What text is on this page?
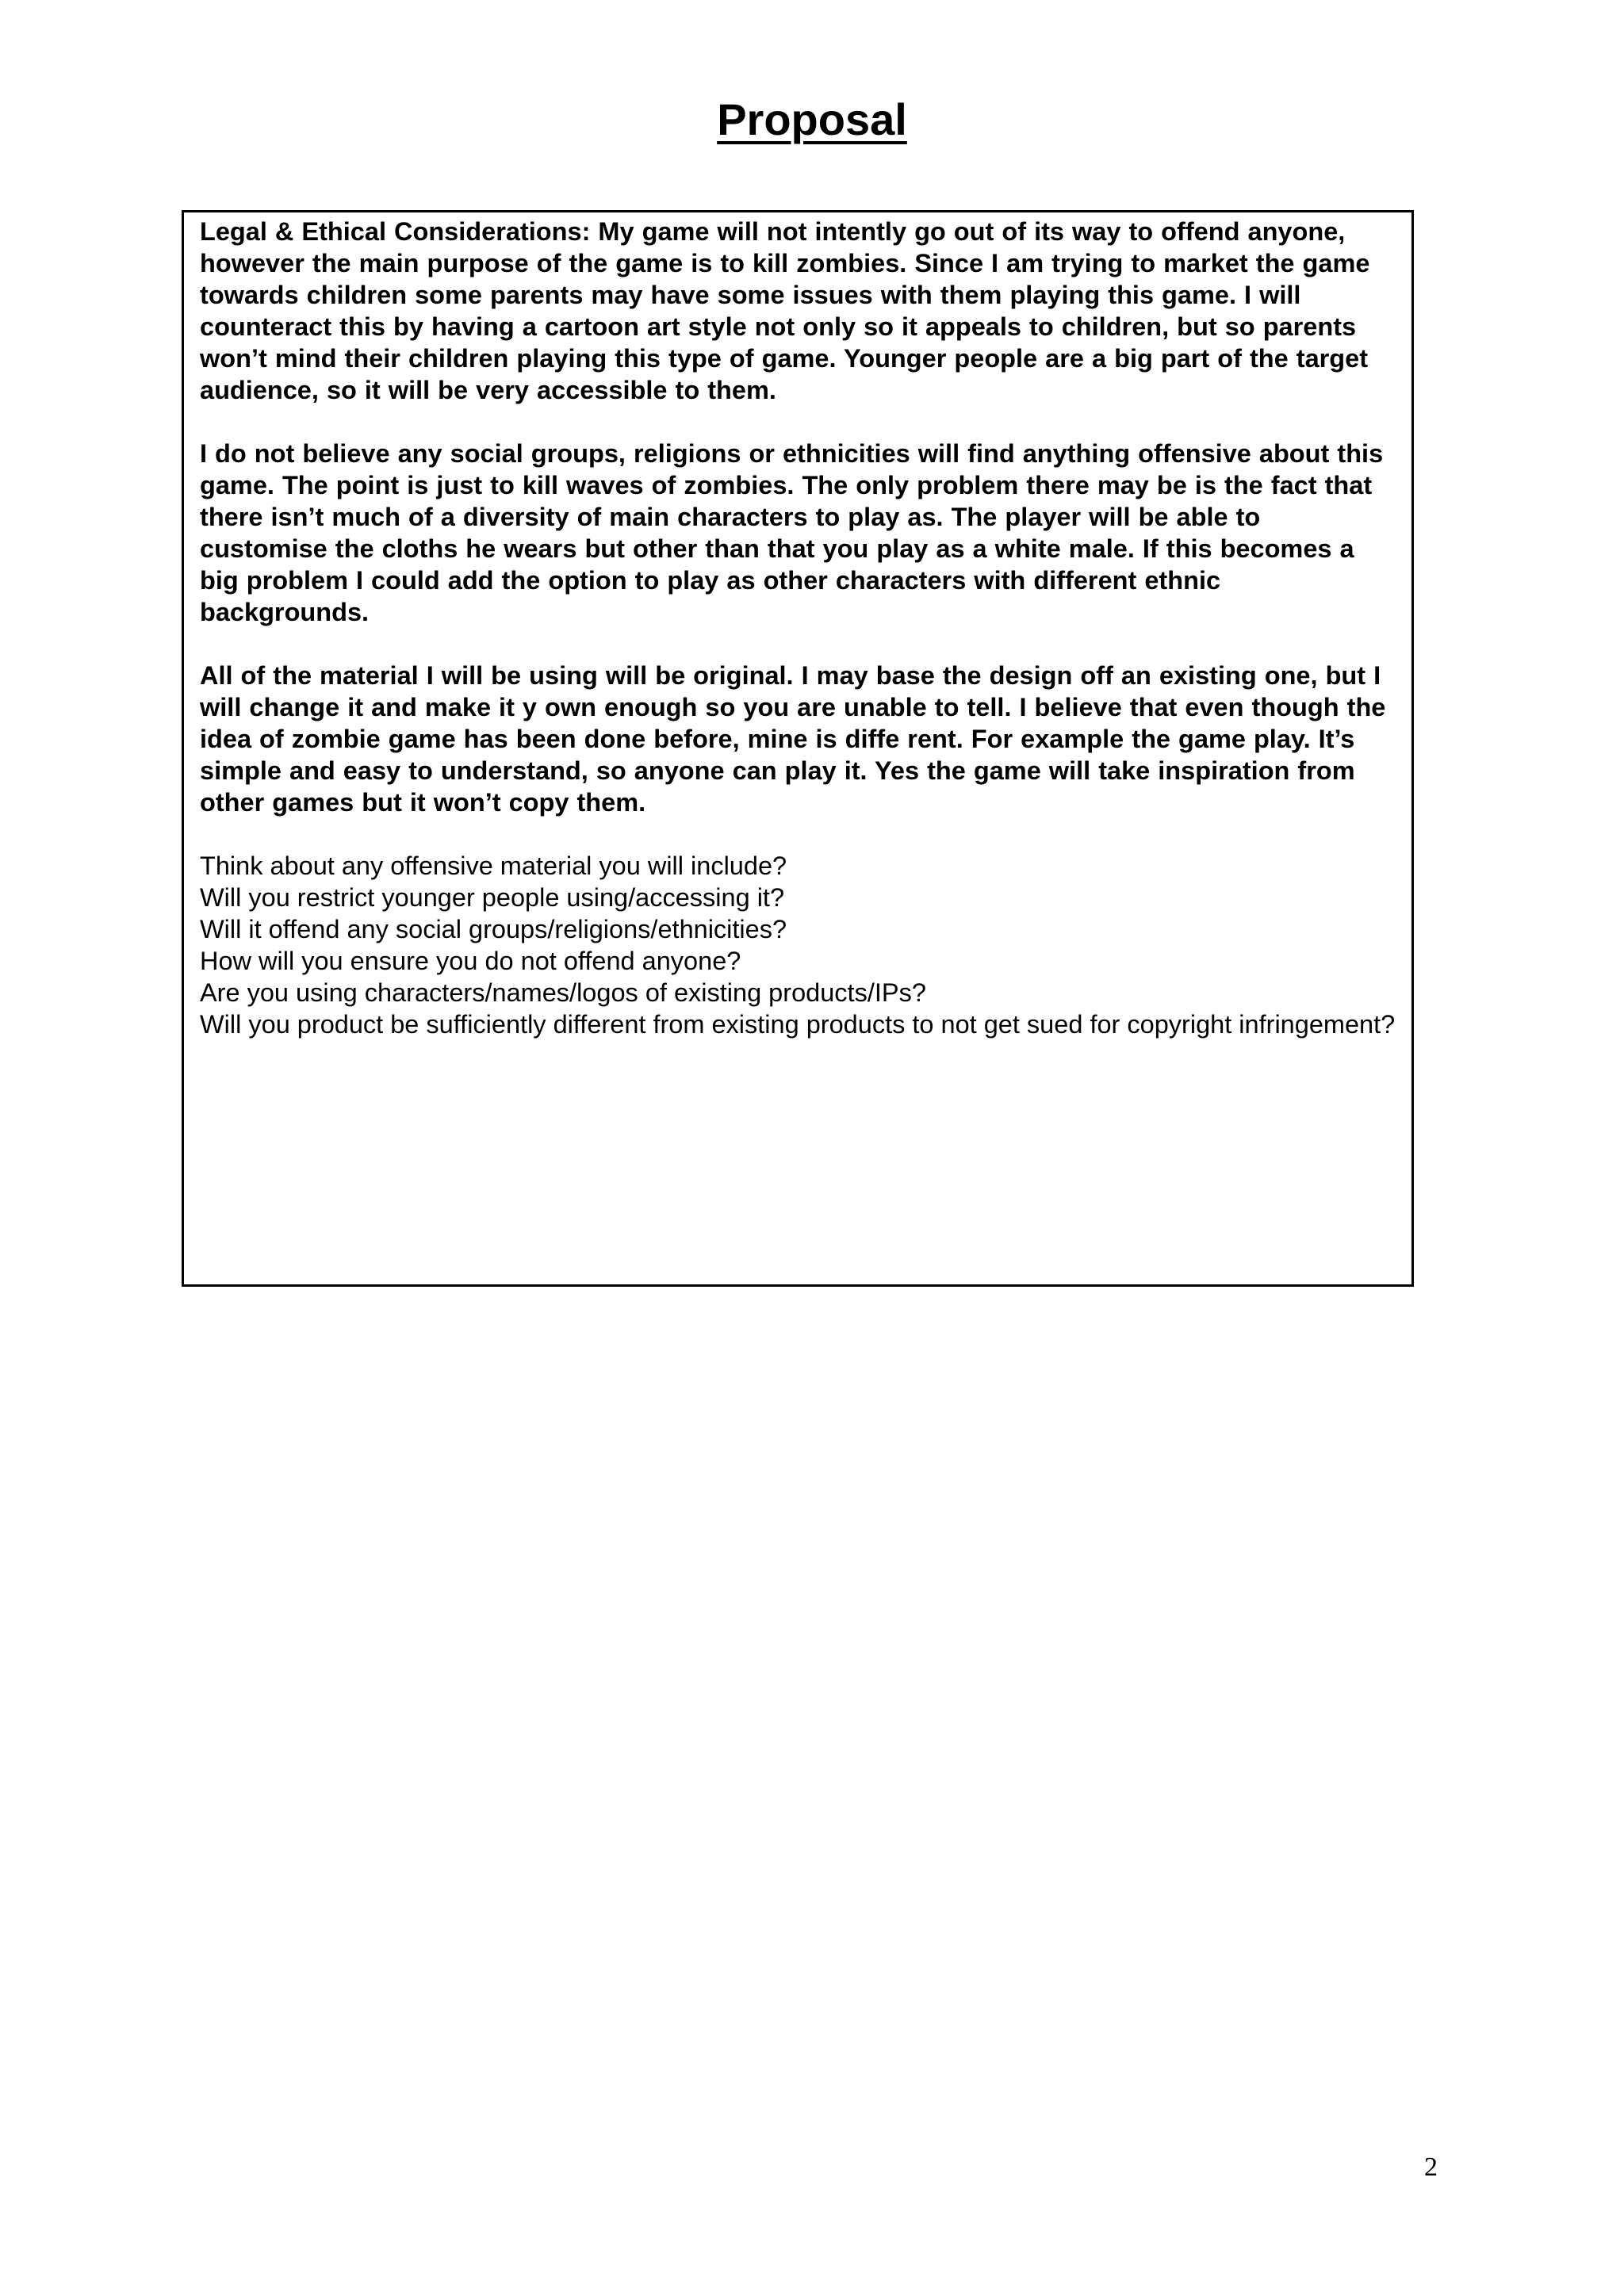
Proposal

Legal & Ethical Considerations: My game will not intently go out of its way to offend anyone, however the main purpose of the game is to kill zombies. Since I am trying to market the game towards children some parents may have some issues with them playing this game. I will counteract this by having a cartoon art style not only so it appeals to children, but so parents won’t mind their children playing this type of game. Younger people are a big part of the target audience, so it will be very accessible to them.

I do not believe any social groups, religions or ethnicities will find anything offensive about this game. The point is just to kill waves of zombies. The only problem there may be is the fact that there isn’t much of a diversity of main characters to play as. The player will be able to customise the cloths he wears but other than that you play as a white male. If this becomes a big problem I could add the option to play as other characters with different ethnic backgrounds.

All of the material I will be using will be original. I may base the design off an existing one, but I will change it and make it y own enough so you are unable to tell. I believe that even though the idea of zombie game has been done before, mine is diffe rent. For example the game play. It’s simple and easy to understand, so anyone can play it. Yes the game will take inspiration from other games but it won’t copy them.

Think about any offensive material you will include?
Will you restrict younger people using/accessing it?
Will it offend any social groups/religions/ethnicities?
How will you ensure you do not offend anyone?
Are you using characters/names/logos of existing products/IPs?
Will you product be sufficiently different from existing products to not get sued for copyright infringement?
2
